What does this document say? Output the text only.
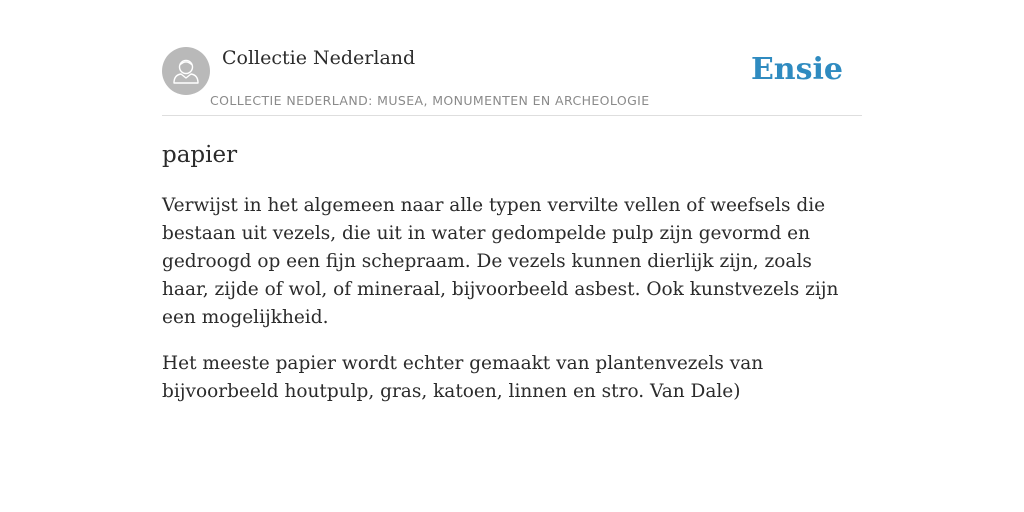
Collectie Nederland
COLLECTIE NEDERLAND: MUSEA, MONUMENTEN EN ARCHEOLOGIE
Ensie
papier

Verwijst in het algemeen naar alle typen vervilte vellen of weefsels die bestaan uit vezels, die uit in water gedompelde pulp zijn gevormd en gedroogd op een fijn schepraam. De vezels kunnen dierlijk zijn, zoals haar, zijde of wol, of mineraal, bijvoorbeeld asbest. Ook kunstvezels zijn een mogelijkheid.

Het meeste papier wordt echter gemaakt van plantenvezels van bijvoorbeeld houtpulp, gras, katoen, linnen en stro. Van Dale)
